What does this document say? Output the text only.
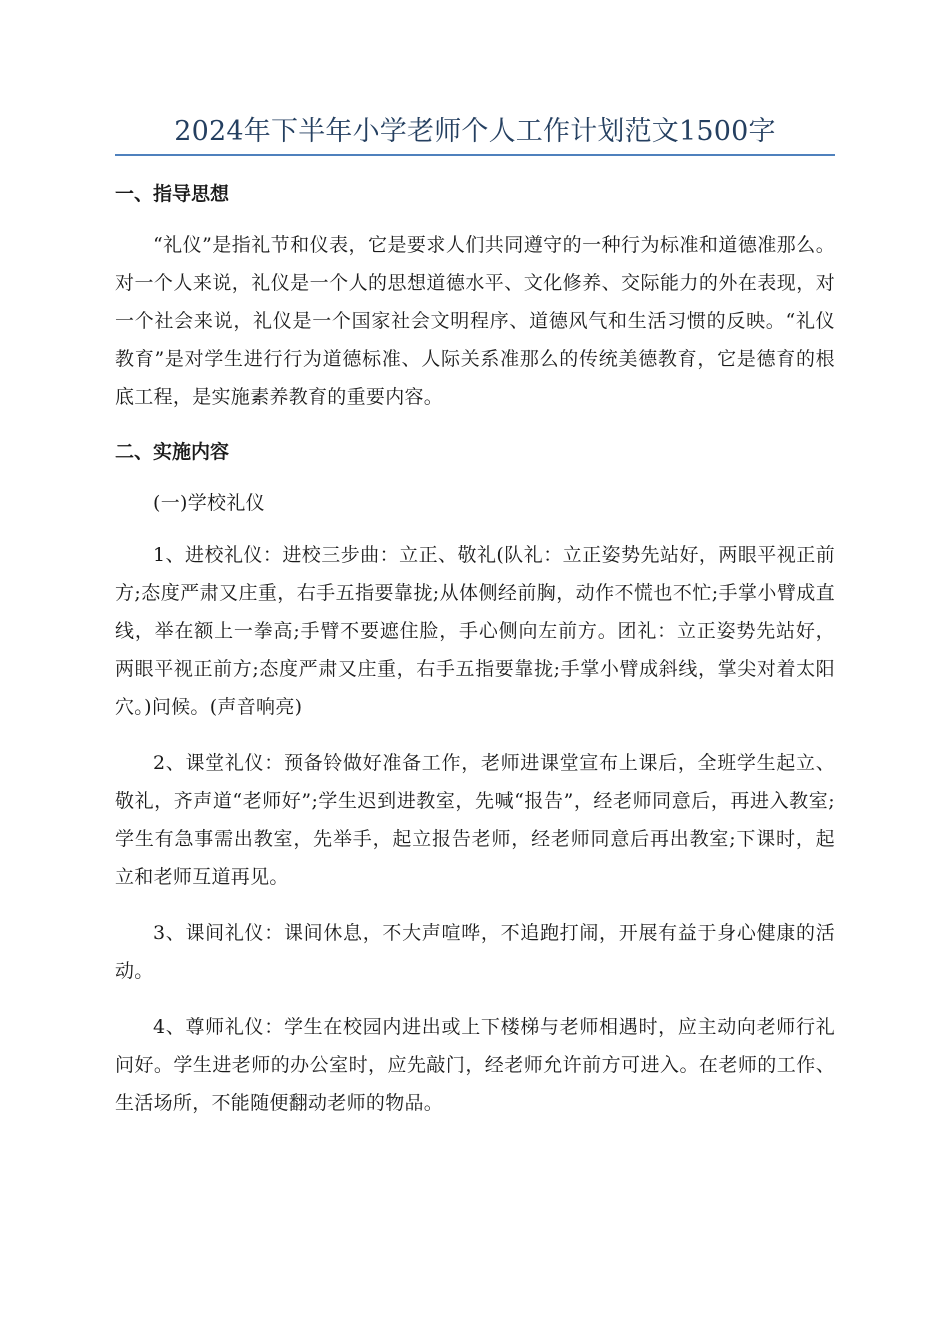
2024年下半年小学老师个人工作计划范文1500字
一、指导思想

“礼仪”是指礼节和仪表，它是要求人们共同遵守的一种行为标准和道德准那么。对一个人来说，礼仪是一个人的思想道德水平、文化修养、交际能力的外在表现，对一个社会来说，礼仪是一个国家社会文明程序、道德风气和生活习惯的反映。“礼仪教育”是对学生进行行为道德标准、人际关系准那么的传统美德教育，它是德育的根底工程，是实施素养教育的重要内容。

二、实施内容

(一)学校礼仪

1、进校礼仪：进校三步曲：立正、敬礼(队礼：立正姿势先站好，两眼平视正前方;态度严肃又庄重，右手五指要靠拢;从体侧经前胸，动作不慌也不忙;手掌小臂成直线，举在额上一拳高;手臂不要遮住脸，手心侧向左前方。团礼：立正姿势先站好，两眼平视正前方;态度严肃又庄重，右手五指要靠拢;手掌小臂成斜线，掌尖对着太阳穴。)问候。(声音响亮)

2、课堂礼仪：预备铃做好准备工作，老师进课堂宣布上课后，全班学生起立、敬礼，齐声道“老师好”;学生迟到进教室，先喊“报告”，经老师同意后，再进入教室;学生有急事需出教室，先举手，起立报告老师，经老师同意后再出教室;下课时，起立和老师互道再见。

3、课间礼仪：课间休息，不大声喧哗，不追跑打闹，开展有益于身心健康的活动。

4、尊师礼仪：学生在校园内进出或上下楼梯与老师相遇时，应主动向老师行礼问好。学生进老师的办公室时，应先敲门，经老师允许前方可进入。在老师的工作、生活场所，不能随便翻动老师的物品。
